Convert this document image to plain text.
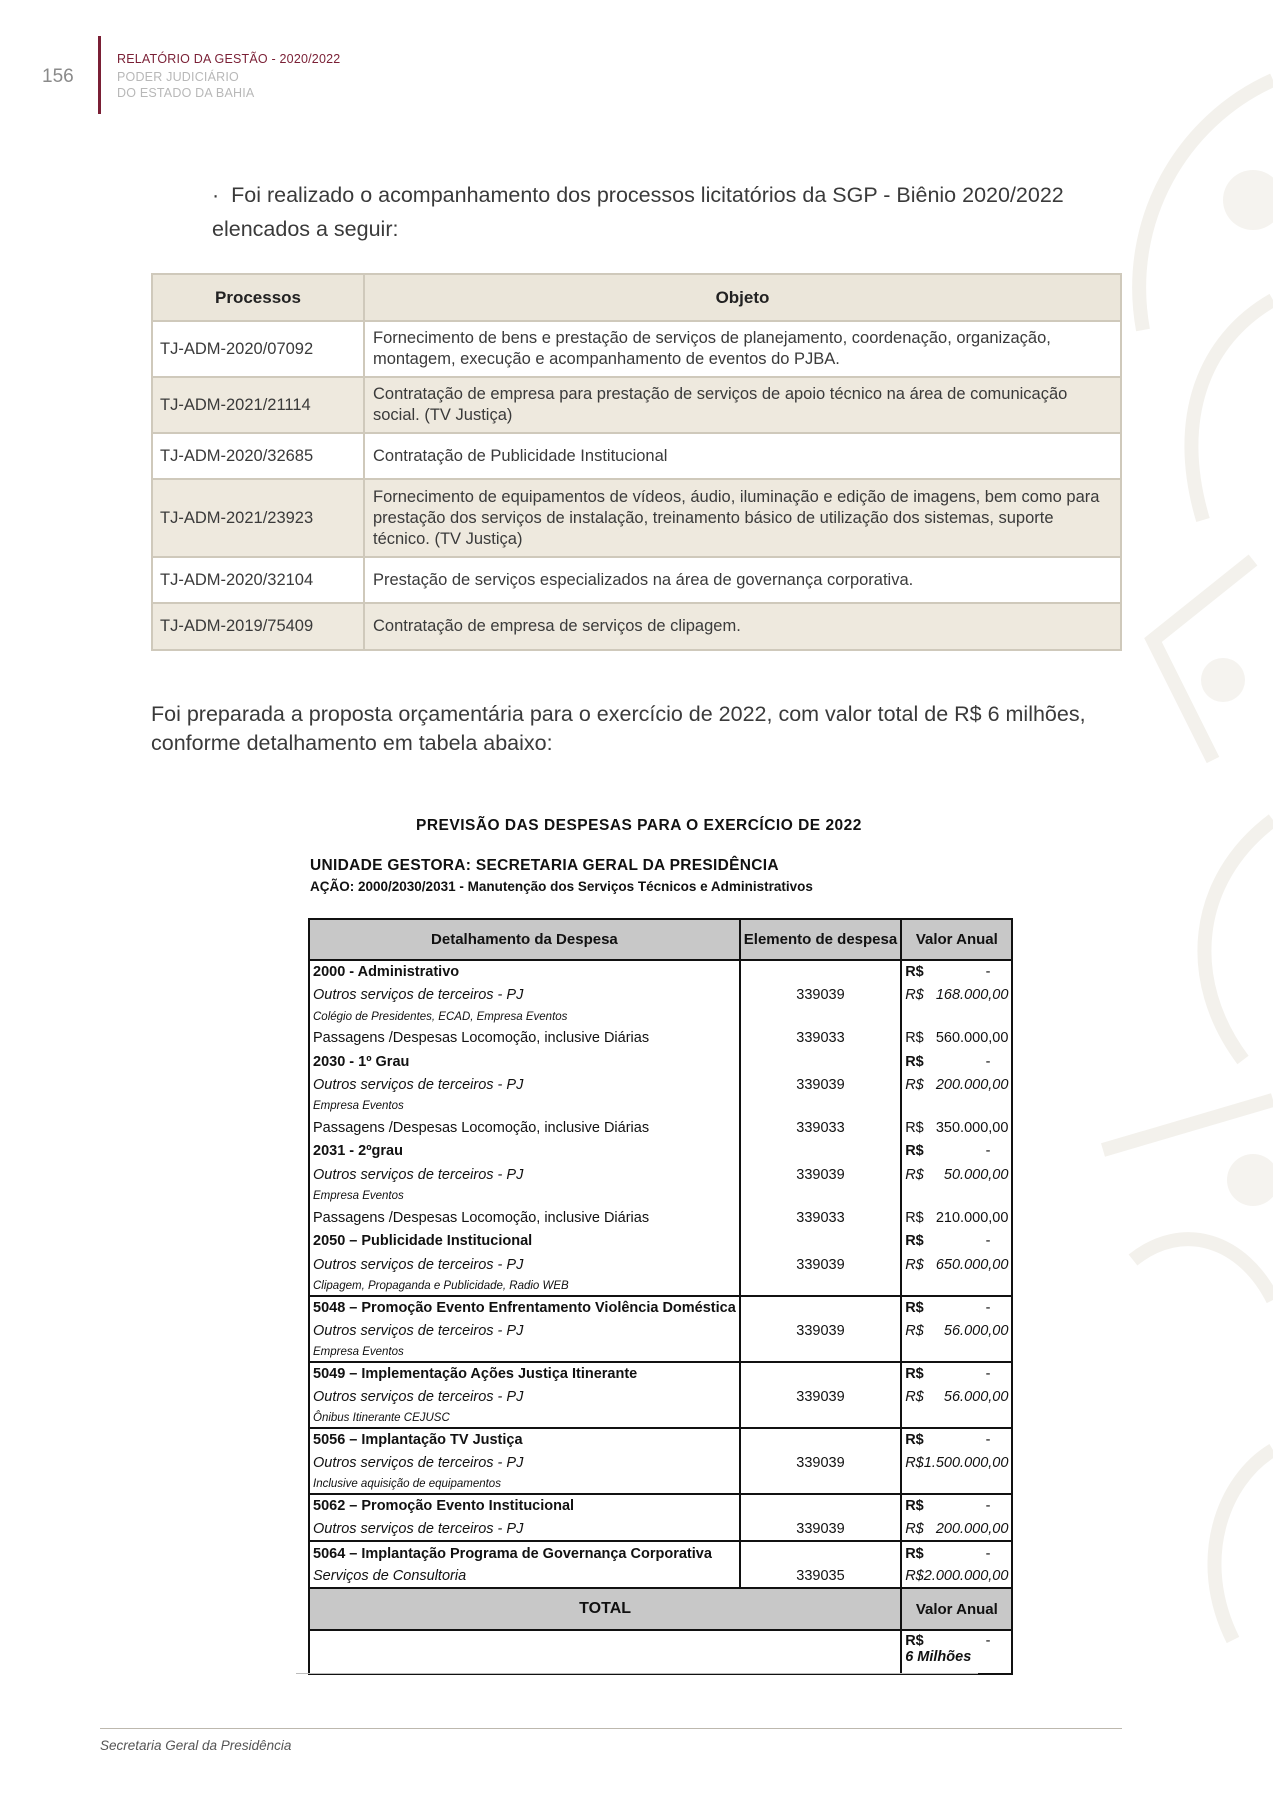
156
RELATÓRIO DA GESTÃO - 2020/2022
PODER JUDICIÁRIO
DO ESTADO DA BAHIA
· Foi realizado o acompanhamento dos processos licitatórios da SGP - Biênio 2020/2022 elencados a seguir:
Processos	Objeto
TJ-ADM-2020/07092	Fornecimento de bens e prestação de serviços de planejamento, coordenação, organização, montagem, execução e acompanhamento de eventos do PJBA.
TJ-ADM-2021/21114	Contratação de empresa para prestação de serviços de apoio técnico na área de comunicação social. (TV Justiça)
TJ-ADM-2020/32685	Contratação de Publicidade Institucional
TJ-ADM-2021/23923	Fornecimento de equipamentos de vídeos, áudio, iluminação e edição de imagens, bem como para prestação dos serviços de instalação, treinamento básico de utilização dos sistemas, suporte técnico. (TV Justiça)
TJ-ADM-2020/32104	Prestação de serviços especializados na área de governança corporativa.
TJ-ADM-2019/75409	Contratação de empresa de serviços de clipagem.
Foi preparada a proposta orçamentária para o exercício de 2022, com valor total de R$ 6 milhões, conforme detalhamento em tabela abaixo:
PREVISÃO DAS DESPESAS PARA O EXERCÍCIO DE 2022
UNIDADE GESTORA: SECRETARIA GERAL DA PRESIDÊNCIA
AÇÃO: 2000/2030/2031 - Manutenção dos Serviços Técnicos e Administrativos
Detalhamento da Despesa	Elemento de despesa	Valor Anual
2000 - Administrativo		R$ -

Outros serviços de terceiros - PJ	339039	R$ 168.000,00

Colégio de Presidentes, ECAD, Empresa Eventos		
Passagens /Despesas Locomoção, inclusive Diárias	339033	R$ 560.000,00

2030 - 1º Grau		R$ -

Outros serviços de terceiros - PJ	339039	R$ 200.000,00

Empresa Eventos		
Passagens /Despesas Locomoção, inclusive Diárias	339033	R$ 350.000,00

2031 - 2ºgrau		R$ -

Outros serviços de terceiros - PJ	339039	R$ 50.000,00

Empresa Eventos		
Passagens /Despesas Locomoção, inclusive Diárias	339033	R$ 210.000,00

2050 – Publicidade Institucional		R$ -

Outros serviços de terceiros - PJ	339039	R$ 650.000,00

Clipagem, Propaganda e Publicidade, Radio WEB		
5048 – Promoção Evento Enfrentamento Violência Doméstica		R$ -

Outros serviços de terceiros - PJ	339039	R$ 56.000,00

Empresa Eventos		
5049 – Implementação Ações Justiça Itinerante		R$ -

Outros serviços de terceiros - PJ	339039	R$ 56.000,00

Ônibus Itinerante CEJUSC		
5056 – Implantação TV Justiça		R$ -

Outros serviços de terceiros - PJ	339039	R$ 1.500.000,00

Inclusive aquisição de equipamentos		
5062 – Promoção Evento Institucional		R$ -

Outros serviços de terceiros - PJ	339039	R$ 200.000,00

5064 – Implantação Programa de Governança Corporativa		R$ -

Serviços de Consultoria	339035	R$ 2.000.000,00

TOTAL		Valor Anual

		R$ -
6 Milhões
Secretaria Geral da Presidência
